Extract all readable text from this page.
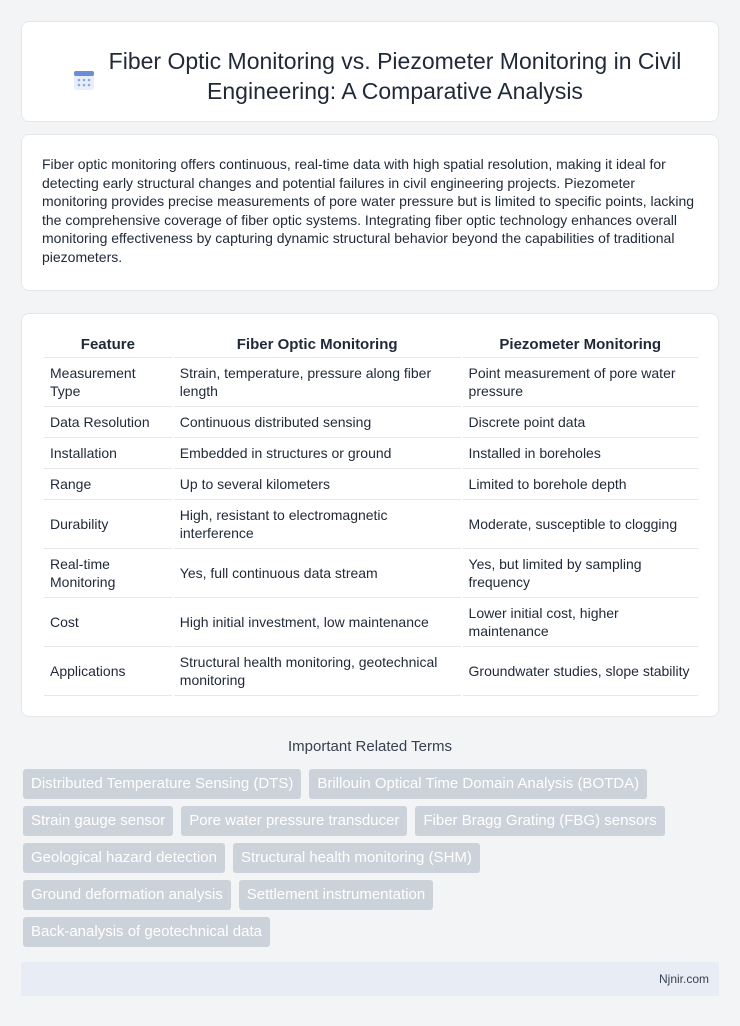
Fiber Optic Monitoring vs. Piezometer Monitoring in Civil Engineering: A Comparative Analysis

Fiber optic monitoring offers continuous, real-time data with high spatial resolution, making it ideal for detecting early structural changes and potential failures in civil engineering projects. Piezometer monitoring provides precise measurements of pore water pressure but is limited to specific points, lacking the comprehensive coverage of fiber optic systems. Integrating fiber optic technology enhances overall monitoring effectiveness by capturing dynamic structural behavior beyond the capabilities of traditional piezometers.

Feature	Fiber Optic Monitoring	Piezometer Monitoring
Measurement Type	Strain, temperature, pressure along fiber length	Point measurement of pore water pressure
Data Resolution	Continuous distributed sensing	Discrete point data
Installation	Embedded in structures or ground	Installed in boreholes
Range	Up to several kilometers	Limited to borehole depth
Durability	High, resistant to electromagnetic interference	Moderate, susceptible to clogging
Real-time Monitoring	Yes, full continuous data stream	Yes, but limited by sampling frequency
Cost	High initial investment, low maintenance	Lower initial cost, higher maintenance
Applications	Structural health monitoring, geotechnical monitoring	Groundwater studies, slope stability
Important Related Terms
Distributed Temperature Sensing (DTS)	Brillouin Optical Time Domain Analysis (BOTDA)
Strain gauge sensor	Pore water pressure transducer	Fiber Bragg Grating (FBG) sensors
Geological hazard detection	Structural health monitoring (SHM)
Ground deformation analysis	Settlement instrumentation
Back-analysis of geotechnical data
Njnir.com
